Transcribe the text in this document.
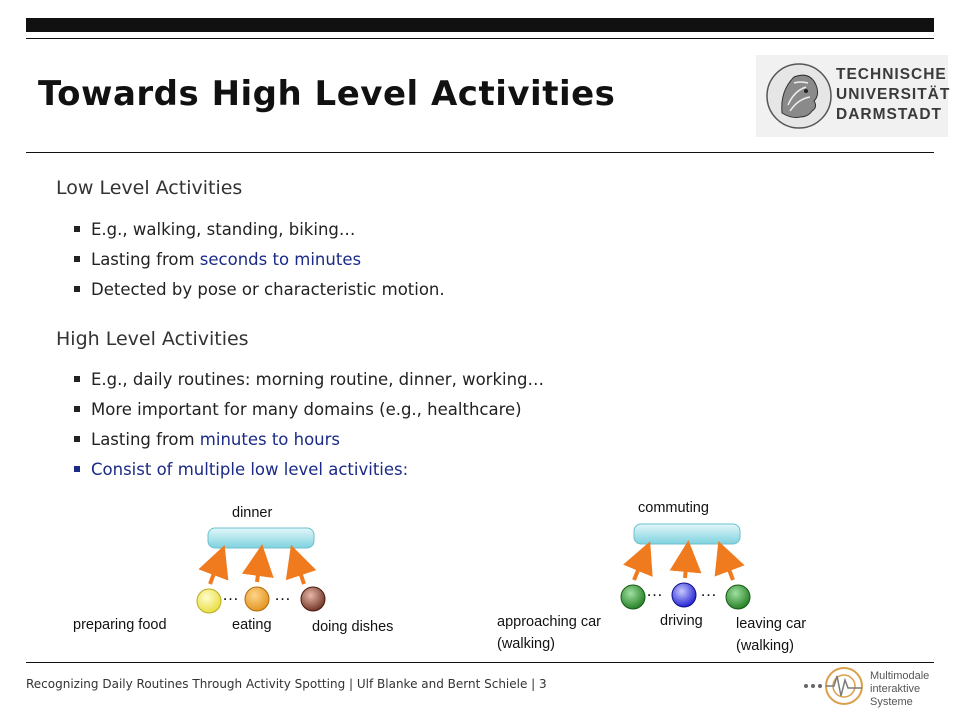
Towards High Level Activities	TECHNISCHE
UNIVERSITÄT
DARMSTADT
Low Level Activities
E.g., walking, standing, biking…
Lasting from seconds to minutes
Detected by pose or characteristic motion.
High Level Activities
E.g., daily routines: morning routine, dinner, working…
More important for many domains (e.g., healthcare)
Lasting from minutes to hours
Consist of multiple low level activities:
dinner
… …
preparing food	eating	doing dishes
commuting
… …
approaching car
(walking)
driving leaving car
(walking)
Recognizing Daily Routines Through Activity Spotting | Ulf Blanke and Bernt Schiele | 3
Multimodale
interaktive
Systeme
